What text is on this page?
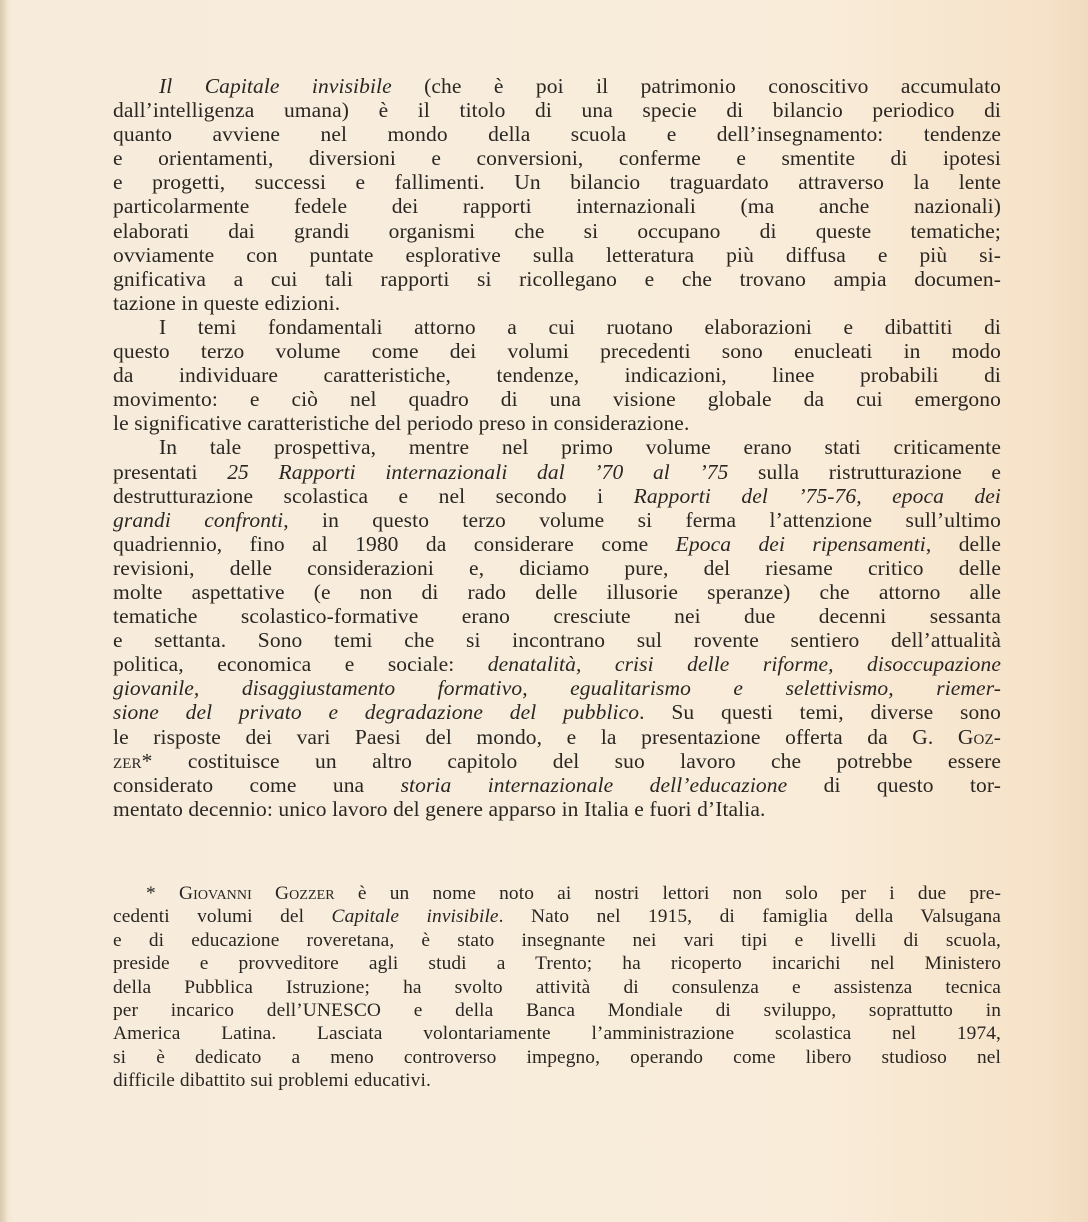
Il Capitale invisibile (che è poi il patrimonio conoscitivo accumulato
dall’intelligenza umana) è il titolo di una specie di bilancio periodico di
quanto avviene nel mondo della scuola e dell’insegnamento: tendenze
e orientamenti, diversioni e conversioni, conferme e smentite di ipotesi
e progetti, successi e fallimenti. Un bilancio traguardato attraverso la lente
particolarmente fedele dei rapporti internazionali (ma anche nazionali)
elaborati dai grandi organismi che si occupano di queste tematiche;
ovviamente con puntate esplorative sulla letteratura più diffusa e più si-
gnificativa a cui tali rapporti si ricollegano e che trovano ampia documen-
tazione in queste edizioni.
I temi fondamentali attorno a cui ruotano elaborazioni e dibattiti di
questo terzo volume come dei volumi precedenti sono enucleati in modo
da individuare caratteristiche, tendenze, indicazioni, linee probabili di
movimento: e ciò nel quadro di una visione globale da cui emergono
le significative caratteristiche del periodo preso in considerazione.
In tale prospettiva, mentre nel primo volume erano stati criticamente
presentati 25 Rapporti internazionali dal ’70 al ’75 sulla ristrutturazione e
destrutturazione scolastica e nel secondo i Rapporti del ’75-76, epoca dei
grandi confronti, in questo terzo volume si ferma l’attenzione sull’ultimo
quadriennio, fino al 1980 da considerare come Epoca dei ripensamenti, delle
revisioni, delle considerazioni e, diciamo pure, del riesame critico delle
molte aspettative (e non di rado delle illusorie speranze) che attorno alle
tematiche scolastico-formative erano cresciute nei due decenni sessanta
e settanta. Sono temi che si incontrano sul rovente sentiero dell’attualità
politica, economica e sociale: denatalità, crisi delle riforme, disoccupazione
giovanile, disaggiustamento formativo, egualitarismo e selettivismo, riemer-
sione del privato e degradazione del pubblico. Su questi temi, diverse sono
le risposte dei vari Paesi del mondo, e la presentazione offerta da G. Goz-
zer* costituisce un altro capitolo del suo lavoro che potrebbe essere
considerato come una storia internazionale dell’educazione di questo tor-
mentato decennio: unico lavoro del genere apparso in Italia e fuori d’Italia.
* Giovanni Gozzer è un nome noto ai nostri lettori non solo per i due pre-
cedenti volumi del Capitale invisibile. Nato nel 1915, di famiglia della Valsugana
e di educazione roveretana, è stato insegnante nei vari tipi e livelli di scuola,
preside e provveditore agli studi a Trento; ha ricoperto incarichi nel Ministero
della Pubblica Istruzione; ha svolto attività di consulenza e assistenza tecnica
per incarico dell’UNESCO e della Banca Mondiale di sviluppo, soprattutto in
America Latina. Lasciata volontariamente l’amministrazione scolastica nel 1974,
si è dedicato a meno controverso impegno, operando come libero studioso nel
difficile dibattito sui problemi educativi.
